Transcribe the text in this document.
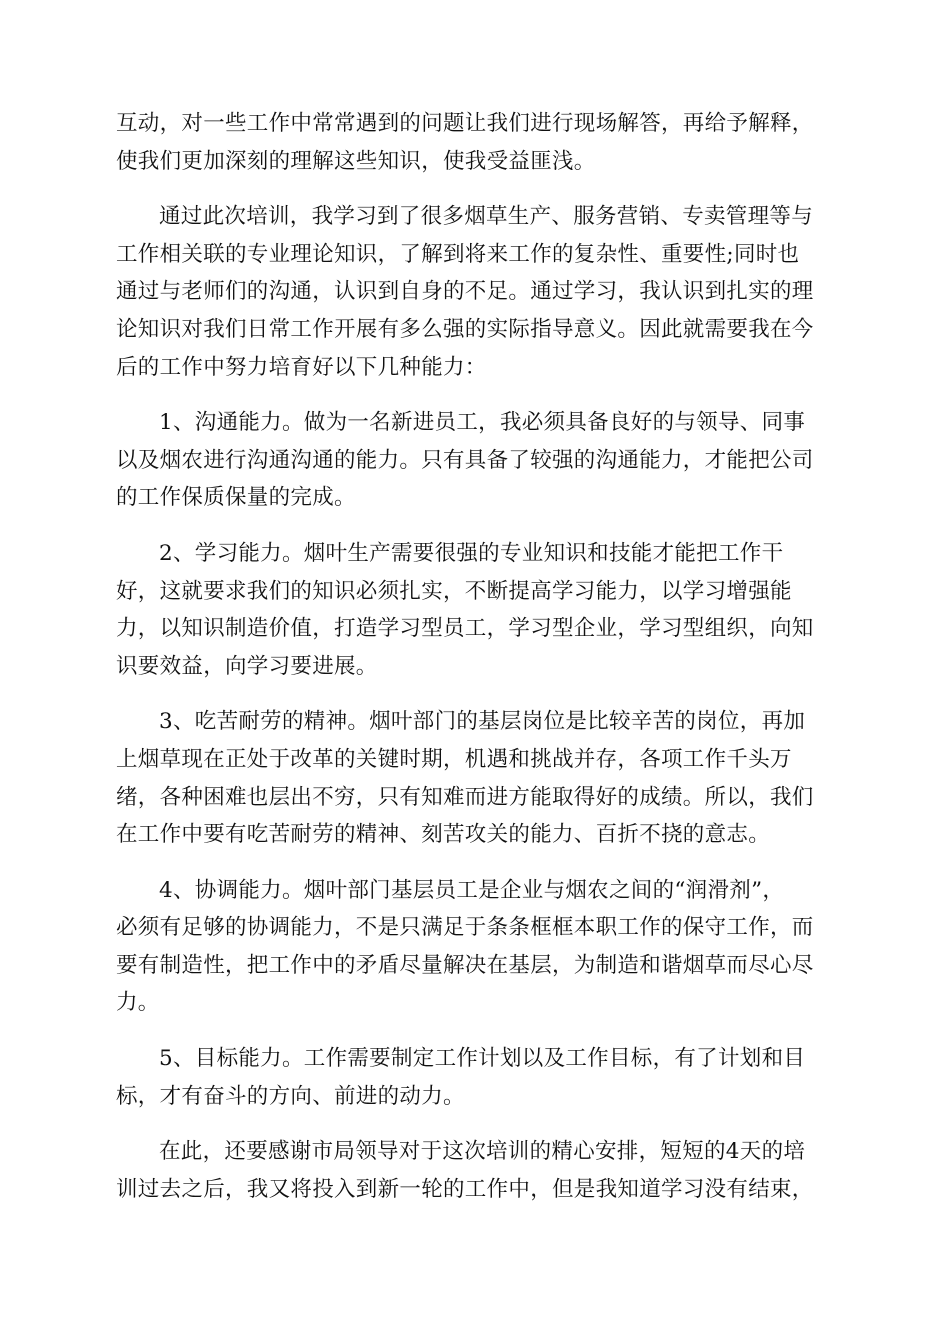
互动，对一些工作中常常遇到的问题让我们进行现场解答，再给予解释，
使我们更加深刻的理解这些知识，使我受益匪浅。

通过此次培训，我学习到了很多烟草生产、服务营销、专卖管理等与
工作相关联的专业理论知识，了解到将来工作的复杂性、重要性;同时也
通过与老师们的沟通，认识到自身的不足。通过学习，我认识到扎实的理
论知识对我们日常工作开展有多么强的实际指导意义。因此就需要我在今
后的工作中努力培育好以下几种能力：

1、沟通能力。做为一名新进员工，我必须具备良好的与领导、同事
以及烟农进行沟通沟通的能力。只有具备了较强的沟通能力，才能把公司
的工作保质保量的完成。

2、学习能力。烟叶生产需要很强的专业知识和技能才能把工作干
好，这就要求我们的知识必须扎实，不断提高学习能力，以学习增强能
力，以知识制造价值，打造学习型员工，学习型企业，学习型组织，向知
识要效益，向学习要进展。

3、吃苦耐劳的精神。烟叶部门的基层岗位是比较辛苦的岗位，再加
上烟草现在正处于改革的关键时期，机遇和挑战并存，各项工作千头万
绪，各种困难也层出不穷，只有知难而进方能取得好的成绩。所以，我们
在工作中要有吃苦耐劳的精神、刻苦攻关的能力、百折不挠的意志。

4、协调能力。烟叶部门基层员工是企业与烟农之间的“润滑剂”，
必须有足够的协调能力，不是只满足于条条框框本职工作的保守工作，而
要有制造性，把工作中的矛盾尽量解决在基层，为制造和谐烟草而尽心尽
力。

5、目标能力。工作需要制定工作计划以及工作目标，有了计划和目
标，才有奋斗的方向、前进的动力。

在此，还要感谢市局领导对于这次培训的精心安排，短短的4天的培
训过去之后，我又将投入到新一轮的工作中，但是我知道学习没有结束，
